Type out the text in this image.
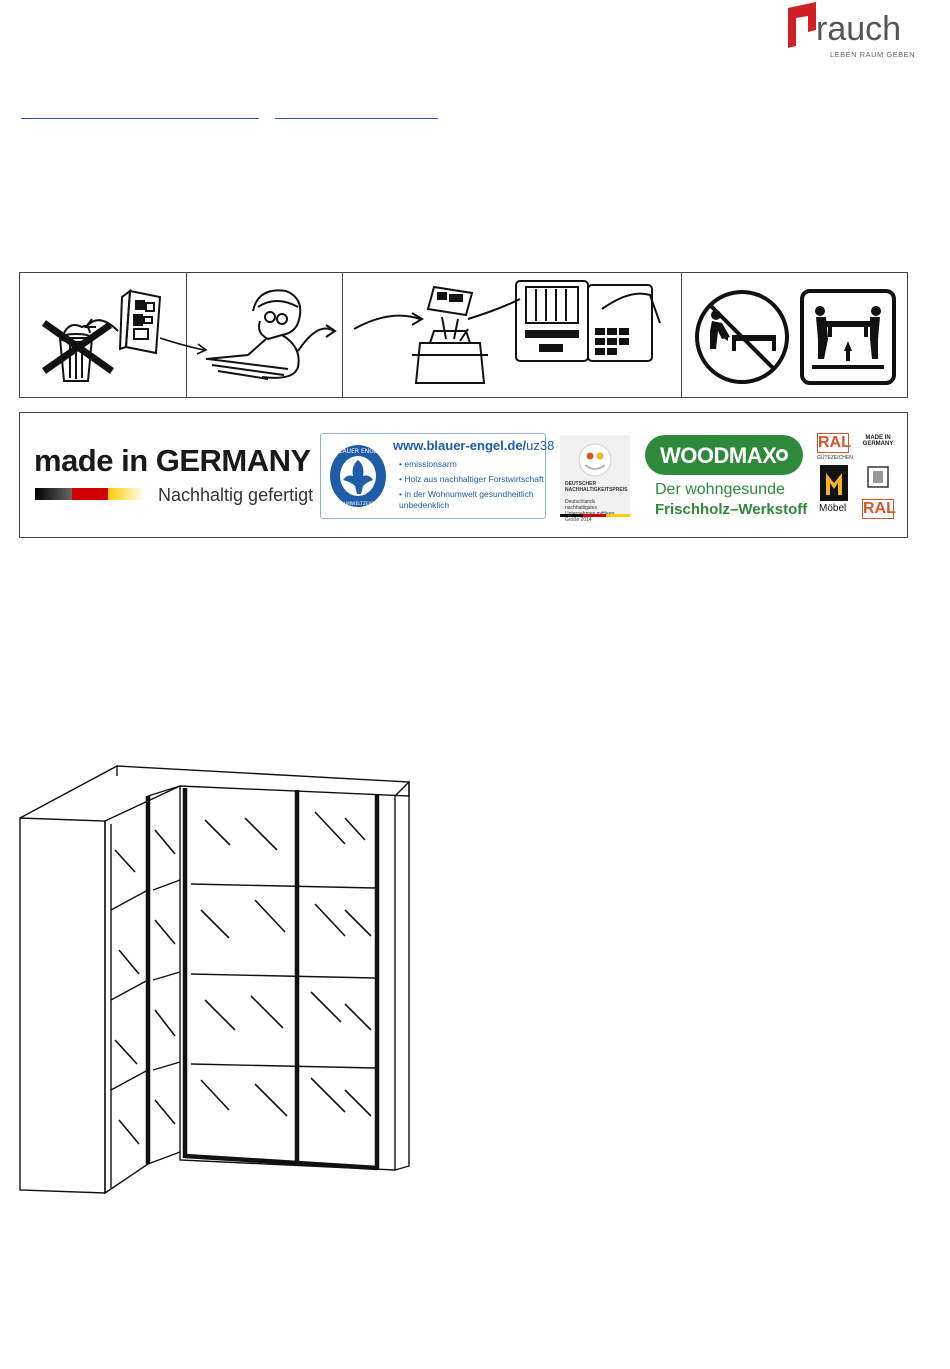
rauch
LEBEN RAUM GEBEN
made in GERMANY
Nachhaltig gefertigt
BLAUER ENGEL
DAS UMWELTZEICHEN
www.blauer-engel.de/uz38
• emissionsarm
• Holz aus nachhaltiger Forstwirtschaft
• in der Wohnumwelt gesundheitlich unbedenklich
DEUTSCHER NACHHALTIGKEITSPREIS
Deutschlands nachhaltigstes Größe 2014
WOODMAX
Der wohngesunde
Frischholz–Werkstoff
RAL
GÜTEZEICHEN
Möbel
MADE IN GERMANY
RAL
